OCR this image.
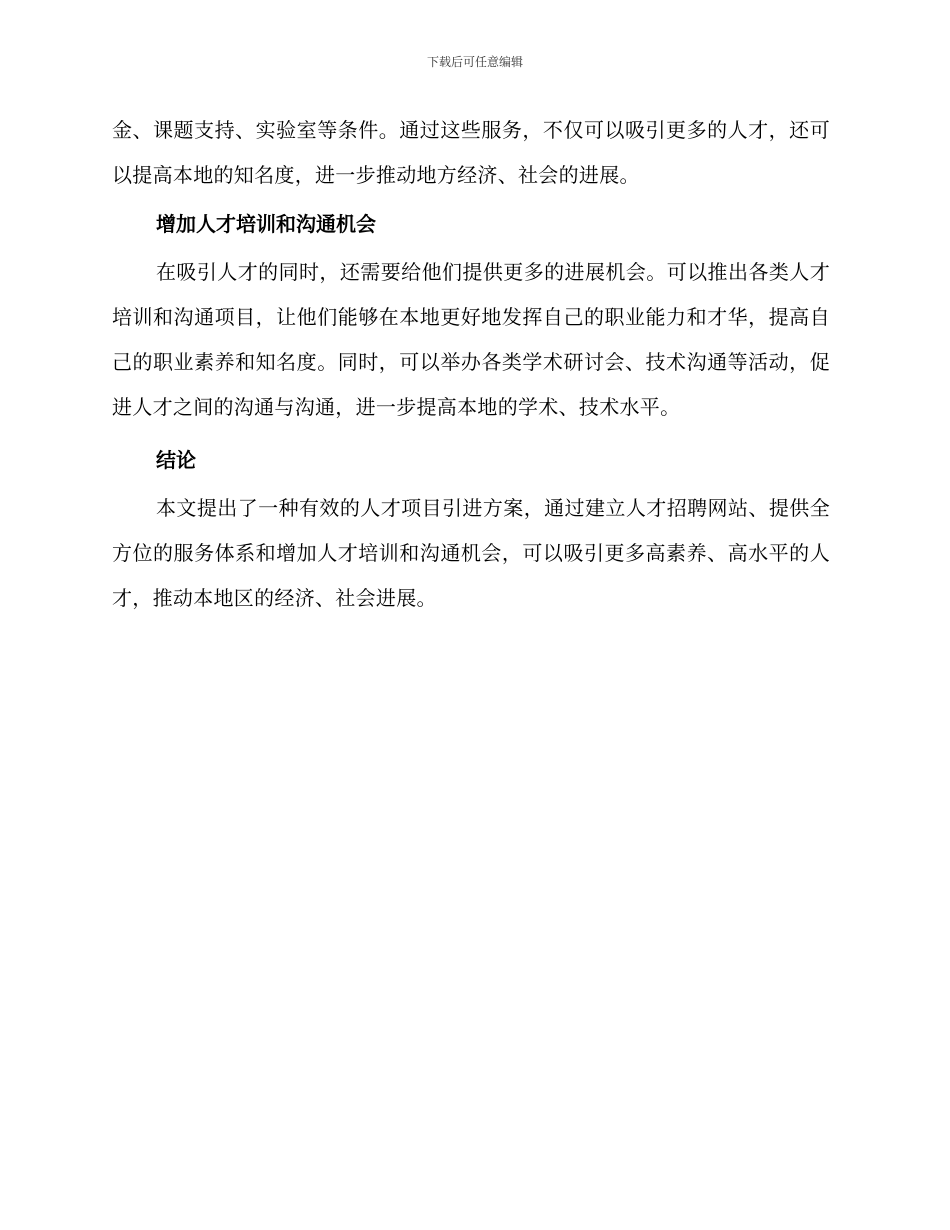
下载后可任意编辑

金、课题支持、实验室等条件。通过这些服务，不仅可以吸引更多的人才，还可以提高本地的知名度，进一步推动地方经济、社会的进展。

增加人才培训和沟通机会

在吸引人才的同时，还需要给他们提供更多的进展机会。可以推出各类人才培训和沟通项目，让他们能够在本地更好地发挥自己的职业能力和才华，提高自己的职业素养和知名度。同时，可以举办各类学术研讨会、技术沟通等活动，促进人才之间的沟通与沟通，进一步提高本地的学术、技术水平。

结论

本文提出了一种有效的人才项目引进方案，通过建立人才招聘网站、提供全方位的服务体系和增加人才培训和沟通机会，可以吸引更多高素养、高水平的人才，推动本地区的经济、社会进展。
